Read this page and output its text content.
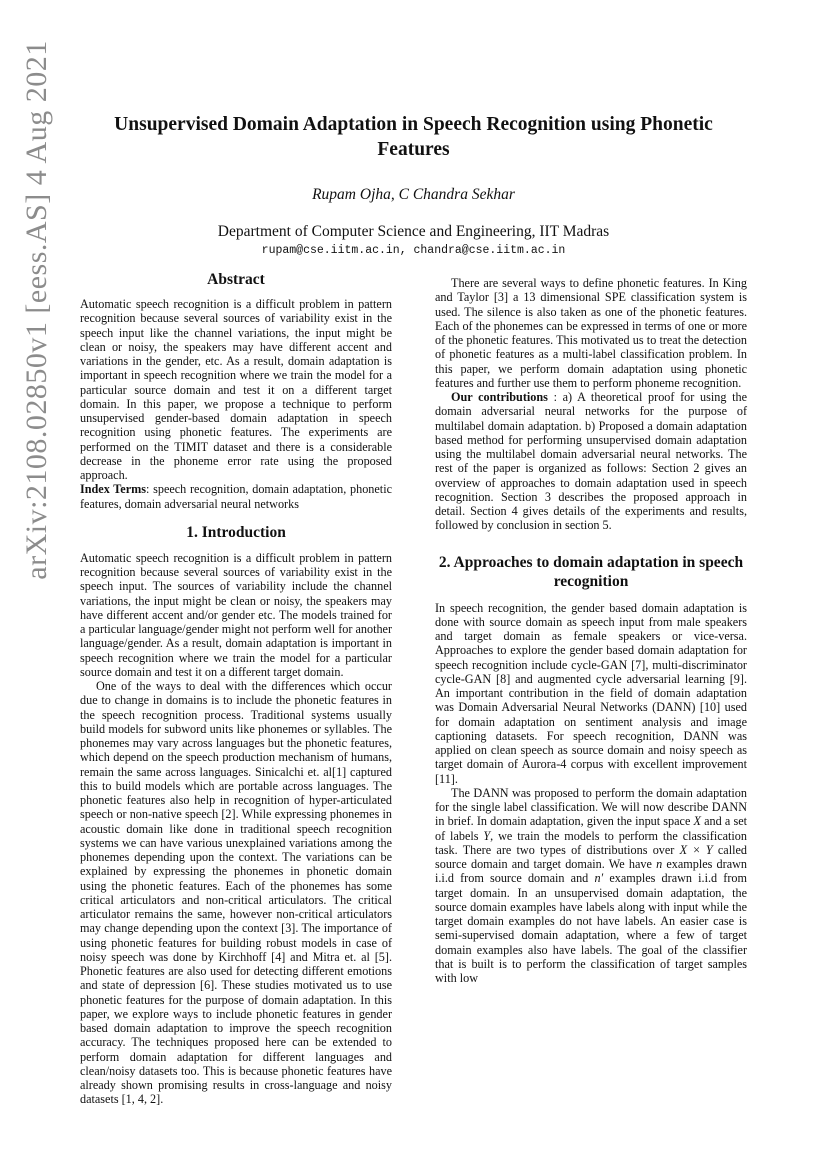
arXiv:2108.02850v1 [eess.AS] 4 Aug 2021	Unsupervised Domain Adaptation in Speech Recognition using Phonetic Features
Rupam Ojha, C Chandra Sekhar
Department of Computer Science and Engineering, IIT Madras
rupam@cse.iitm.ac.in, chandra@cse.iitm.ac.in
Abstract

Automatic speech recognition is a difficult problem in pattern recognition because several sources of variability exist in the speech input like the channel variations, the input might be clean or noisy, the speakers may have different accent and variations in the gender, etc. As a result, domain adaptation is important in speech recognition where we train the model for a particular source domain and test it on a different target domain. In this paper, we propose a technique to perform unsupervised gender-based domain adaptation in speech recognition using phonetic features. The experiments are performed on the TIMIT dataset and there is a considerable decrease in the phoneme error rate using the proposed approach.

Index Terms: speech recognition, domain adaptation, phonetic features, domain adversarial neural networks

1. Introduction

Automatic speech recognition is a difficult problem in pattern recognition because several sources of variability exist in the speech input. The sources of variability include the channel variations, the input might be clean or noisy, the speakers may have different accent and/or gender etc. The models trained for a particular language/gender might not perform well for another language/gender. As a result, domain adaptation is important in speech recognition where we train the model for a particular source domain and test it on a different target domain.

One of the ways to deal with the differences which occur due to change in domains is to include the phonetic features in the speech recognition process. Traditional systems usually build models for subword units like phonemes or syllables. The phonemes may vary across languages but the phonetic features, which depend on the speech production mechanism of humans, remain the same across languages. Sinicalchi et. al[1] captured this to build models which are portable across languages. The phonetic features also help in recognition of hyper-articulated speech or non-native speech [2]. While expressing phonemes in acoustic domain like done in traditional speech recognition systems we can have various unexplained variations among the phonemes depending upon the context. The variations can be explained by expressing the phonemes in phonetic domain using the phonetic features. Each of the phonemes has some critical articulators and non-critical articulators. The critical articulator remains the same, however non-critical articulators may change depending upon the context [3]. The importance of using phonetic features for building robust models in case of noisy speech was done by Kirchhoff [4] and Mitra et. al [5]. Phonetic features are also used for detecting different emotions and state of depression [6]. These studies motivated us to use phonetic features for the purpose of domain adaptation. In this paper, we explore ways to include phonetic features in gender based domain adaptation to improve the speech recognition accuracy. The techniques proposed here can be extended to perform domain adaptation for different languages and clean/noisy datasets too. This is because phonetic features have already shown promising results in cross-language and noisy datasets [1, 4, 2].

There are several ways to define phonetic features. In King and Taylor [3] a 13 dimensional SPE classification system is used. The silence is also taken as one of the phonetic features. Each of the phonemes can be expressed in terms of one or more of the phonetic features. This motivated us to treat the detection of phonetic features as a multi-label classification problem. In this paper, we perform domain adaptation using phonetic features and further use them to perform phoneme recognition.

Our contributions : a) A theoretical proof for using the domain adversarial neural networks for the purpose of multilabel domain adaptation. b) Proposed a domain adaptation based method for performing unsupervised domain adaptation using the multilabel domain adversarial neural networks. The rest of the paper is organized as follows: Section 2 gives an overview of approaches to domain adaptation used in speech recognition. Section 3 describes the proposed approach in detail. Section 4 gives details of the experiments and results, followed by conclusion in section 5.

2. Approaches to domain adaptation in speech recognition

In speech recognition, the gender based domain adaptation is done with source domain as speech input from male speakers and target domain as female speakers or vice-versa. Approaches to explore the gender based domain adaptation for speech recognition include cycle-GAN [7], multi-discriminator cycle-GAN [8] and augmented cycle adversarial learning [9]. An important contribution in the field of domain adaptation was Domain Adversarial Neural Networks (DANN) [10] used for domain adaptation on sentiment analysis and image captioning datasets. For speech recognition, DANN was applied on clean speech as source domain and noisy speech as target domain of Aurora-4 corpus with excellent improvement [11].

The DANN was proposed to perform the domain adaptation for the single label classification. We will now describe DANN in brief. In domain adaptation, given the input space X and a set of labels Y, we train the models to perform the classification task. There are two types of distributions over X × Y called source domain and target domain. We have n examples drawn i.i.d from source domain and n′ examples drawn i.i.d from target domain. In an unsupervised domain adaptation, the source domain examples have labels along with input while the target domain examples do not have labels. An easier case is semi-supervised domain adaptation, where a few of target domain examples also have labels. The goal of the classifier that is built is to perform the classification of target samples with low
